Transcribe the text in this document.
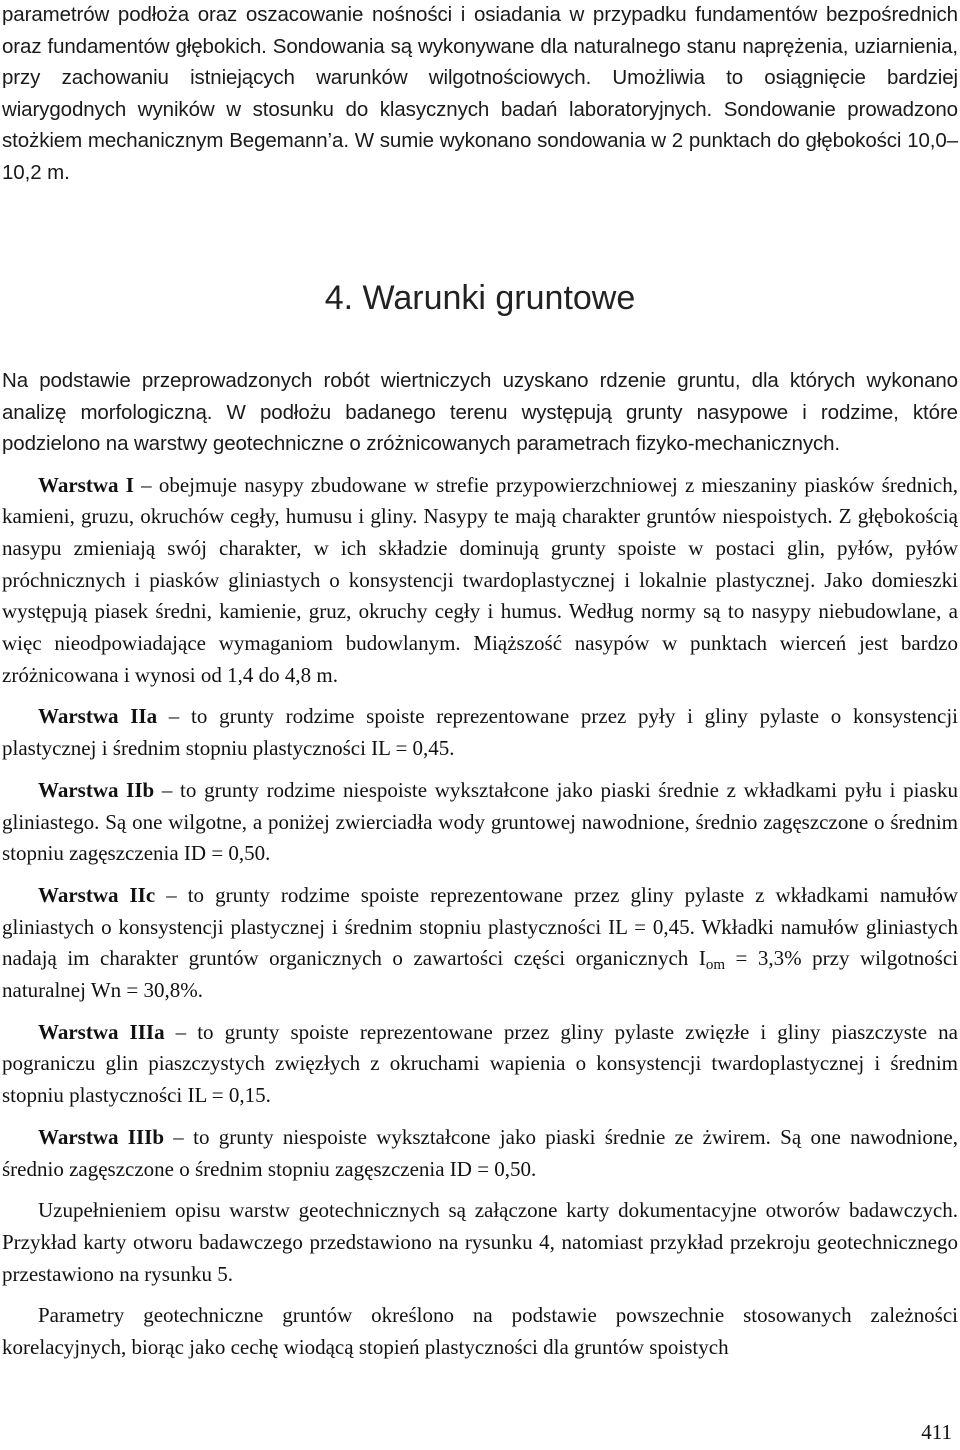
parametrów podłoża oraz oszacowanie nośności i osiadania w przypadku fundamentów bezpośrednich oraz fundamentów głębokich. Sondowania są wykonywane dla naturalnego stanu naprężenia, uziarnienia, przy zachowaniu istniejących warunków wilgotnościowych. Umożliwia to osiągnięcie bardziej wiarygodnych wyników w stosunku do klasycznych badań laboratoryjnych. Sondowanie prowadzono stożkiem mechanicznym Begemann’a. W sumie wykonano sondowania w 2 punktach do głębokości 10,0–10,2 m.

4. Warunki gruntowe

Na podstawie przeprowadzonych robót wiertniczych uzyskano rdzenie gruntu, dla których wykonano analizę morfologiczną. W podłożu badanego terenu występują grunty nasypowe i rodzime, które podzielono na warstwy geotechniczne o zróżnicowanych parametrach fizyko-mechanicznych.

Warstwa I – obejmuje nasypy zbudowane w strefie przypowierzchniowej z mieszaniny piasków średnich, kamieni, gruzu, okruchów cegły, humusu i gliny. Nasypy te mają charakter gruntów niespoistych. Z głębokością nasypu zmieniają swój charakter, w ich składzie dominują grunty spoiste w postaci glin, pyłów, pyłów próchnicznych i piasków gliniastych o konsystencji twardoplastycznej i lokalnie plastycznej. Jako domieszki występują piasek średni, kamienie, gruz, okruchy cegły i humus. Według normy są to nasypy niebudowlane, a więc nieodpowiadające wymaganiom budowlanym. Miąższość nasypów w punktach wierceń jest bardzo zróżnicowana i wynosi od 1,4 do 4,8 m.

Warstwa IIa – to grunty rodzime spoiste reprezentowane przez pyły i gliny pylaste o konsystencji plastycznej i średnim stopniu plastyczności IL = 0,45.

Warstwa IIb – to grunty rodzime niespoiste wykształcone jako piaski średnie z wkładkami pyłu i piasku gliniastego. Są one wilgotne, a poniżej zwierciadła wody gruntowej nawodnione, średnio zagęszczone o średnim stopniu zagęszczenia ID = 0,50.

Warstwa IIc – to grunty rodzime spoiste reprezentowane przez gliny pylaste z wkładkami namułów gliniastych o konsystencji plastycznej i średnim stopniu plastyczności IL = 0,45. Wkładki namułów gliniastych nadają im charakter gruntów organicznych o zawartości części organicznych $I_{om} = 3,3\%$ przy wilgotności naturalnej Wn = 30,8%.

Warstwa IIIa – to grunty spoiste reprezentowane przez gliny pylaste zwięzłe i gliny piaszczyste na pograniczu glin piaszczystych zwięzłych z okruchami wapienia o konsystencji twardoplastycznej i średnim stopniu plastyczności IL = 0,15.

Warstwa IIIb – to grunty niespoiste wykształcone jako piaski średnie ze żwirem. Są one nawodnione, średnio zagęszczone o średnim stopniu zagęszczenia ID = 0,50.

Uzupełnieniem opisu warstw geotechnicznych są załączone karty dokumentacyjne otworów badawczych. Przykład karty otworu badawczego przedstawiono na rysunku 4, natomiast przykład przekroju geotechnicznego przestawiono na rysunku 5.

Parametry geotechniczne gruntów określono na podstawie powszechnie stosowanych zależności korelacyjnych, biorąc jako cechę wiodącą stopień plastyczności dla gruntów spoistych

411
